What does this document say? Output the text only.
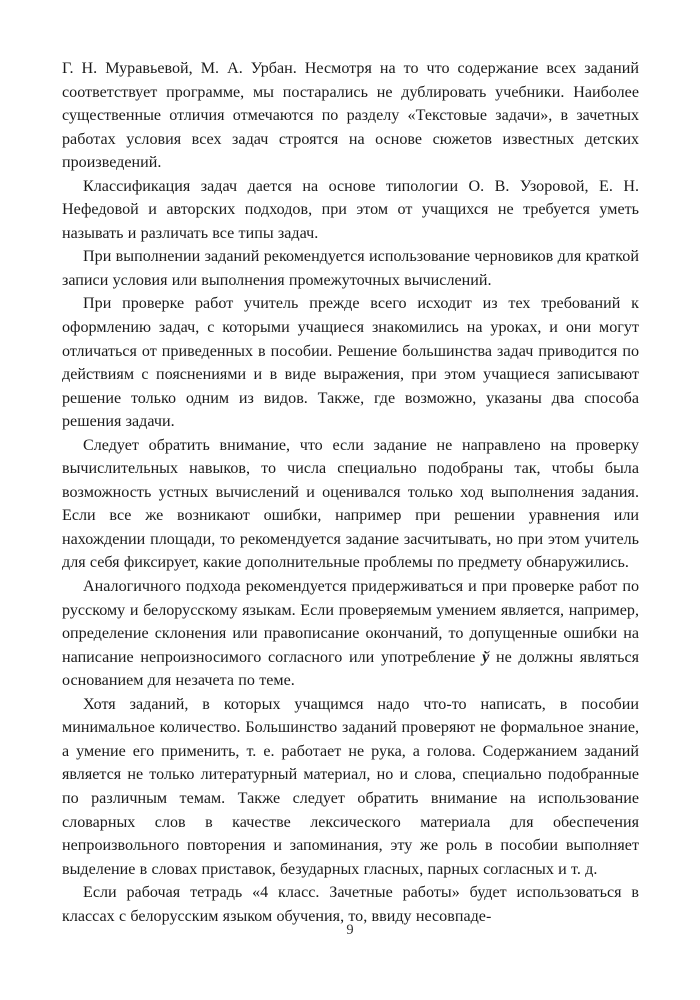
Г. Н. Муравьевой, М. А. Урбан. Несмотря на то что содержание всех заданий соответствует программе, мы постарались не дублировать учебники. Наиболее существенные отличия отмечаются по разделу «Текстовые задачи», в зачетных работах условия всех задач строятся на основе сюжетов известных детских произведений.

Классификация задач дается на основе типологии О. В. Узоровой, Е. Н. Нефедовой и авторских подходов, при этом от учащихся не требуется уметь называть и различать все типы задач.

При выполнении заданий рекомендуется использование черновиков для краткой записи условия или выполнения промежуточных вычислений.

При проверке работ учитель прежде всего исходит из тех требований к оформлению задач, с которыми учащиеся знакомились на уроках, и они могут отличаться от приведенных в пособии. Решение большинства задач приводится по действиям с пояснениями и в виде выражения, при этом учащиеся записывают решение только одним из видов. Также, где возможно, указаны два способа решения задачи.

Следует обратить внимание, что если задание не направлено на проверку вычислительных навыков, то числа специально подобраны так, чтобы была возможность устных вычислений и оценивался только ход выполнения задания. Если все же возникают ошибки, например при решении уравнения или нахождении площади, то рекомендуется задание засчитывать, но при этом учитель для себя фиксирует, какие дополнительные проблемы по предмету обнаружились.

Аналогичного подхода рекомендуется придерживаться и при проверке работ по русскому и белорусскому языкам. Если проверяемым умением является, например, определение склонения или правописание окончаний, то допущенные ошибки на написание непроизносимого согласного или употребление ў не должны являться основанием для незачета по теме.

Хотя заданий, в которых учащимся надо что-то написать, в пособии минимальное количество. Большинство заданий проверяют не формальное знание, а умение его применить, т. е. работает не рука, а голова. Содержанием заданий является не только литературный материал, но и слова, специально подобранные по различным темам. Также следует обратить внимание на использование словарных слов в качестве лексического материала для обеспечения непроизвольного повторения и запоминания, эту же роль в пособии выполняет выделение в словах приставок, безударных гласных, парных согласных и т. д.

Если рабочая тетрадь «4 класс. Зачетные работы» будет использоваться в классах с белорусским языком обучения, то, ввиду несовпаде-

9
